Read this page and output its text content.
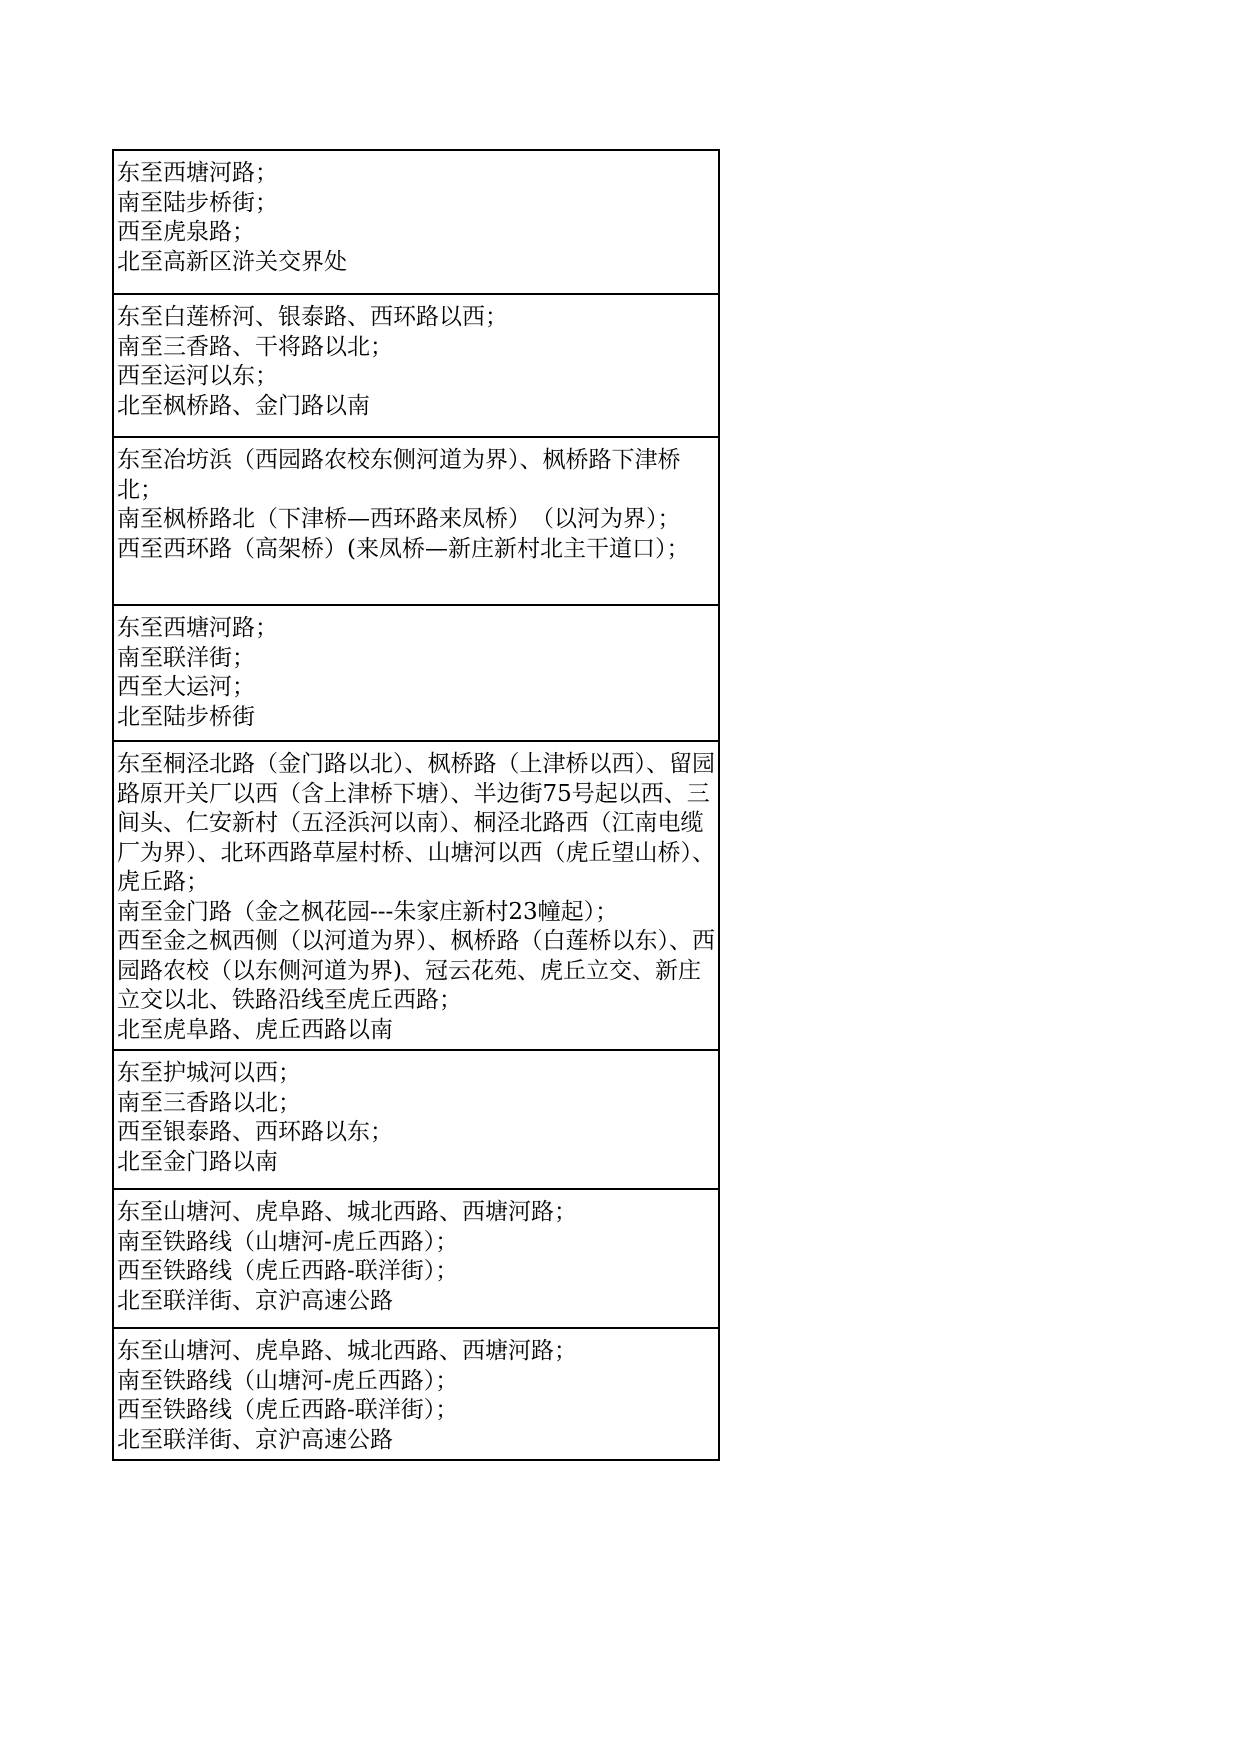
东至西塘河路；
南至陆步桥街；
西至虎泉路；
北至高新区浒关交界处
东至白莲桥河、银泰路、西环路以西；
南至三香路、干将路以北；
西至运河以东；
北至枫桥路、金门路以南
东至冶坊浜（西园路农校东侧河道为界）、枫桥路下津桥北；
南至枫桥路北（下津桥—西环路来凤桥）　（以河为界）；
西至西环路（高架桥）(来凤桥—新庄新村北主干道口）；
东至西塘河路；
南至联洋街；
西至大运河；
北至陆步桥街
东至桐泾北路（金门路以北）、枫桥路（上津桥以西）、留园路原开关厂以西（含上津桥下塘）、半边街75号起以西、三间头、仁安新村（五泾浜河以南）、桐泾北路西（江南电缆厂为界）、北环西路草屋村桥、山塘河以西（虎丘望山桥）、虎丘路；
南至金门路（金之枫花园---朱家庄新村23幢起）；
西至金之枫西侧（以河道为界）、枫桥路（白莲桥以东）、西园路农校（以东侧河道为界)、冠云花苑、虎丘立交、新庄立交以北、铁路沿线至虎丘西路；
北至虎阜路、虎丘西路以南
东至护城河以西；
南至三香路以北；
西至银泰路、西环路以东；
北至金门路以南
东至山塘河、虎阜路、城北西路、西塘河路；
南至铁路线（山塘河-虎丘西路）；
西至铁路线（虎丘西路-联洋街）；
北至联洋街、京沪高速公路
东至山塘河、虎阜路、城北西路、西塘河路；
南至铁路线（山塘河-虎丘西路）；
西至铁路线（虎丘西路-联洋街）；
北至联洋街、京沪高速公路
